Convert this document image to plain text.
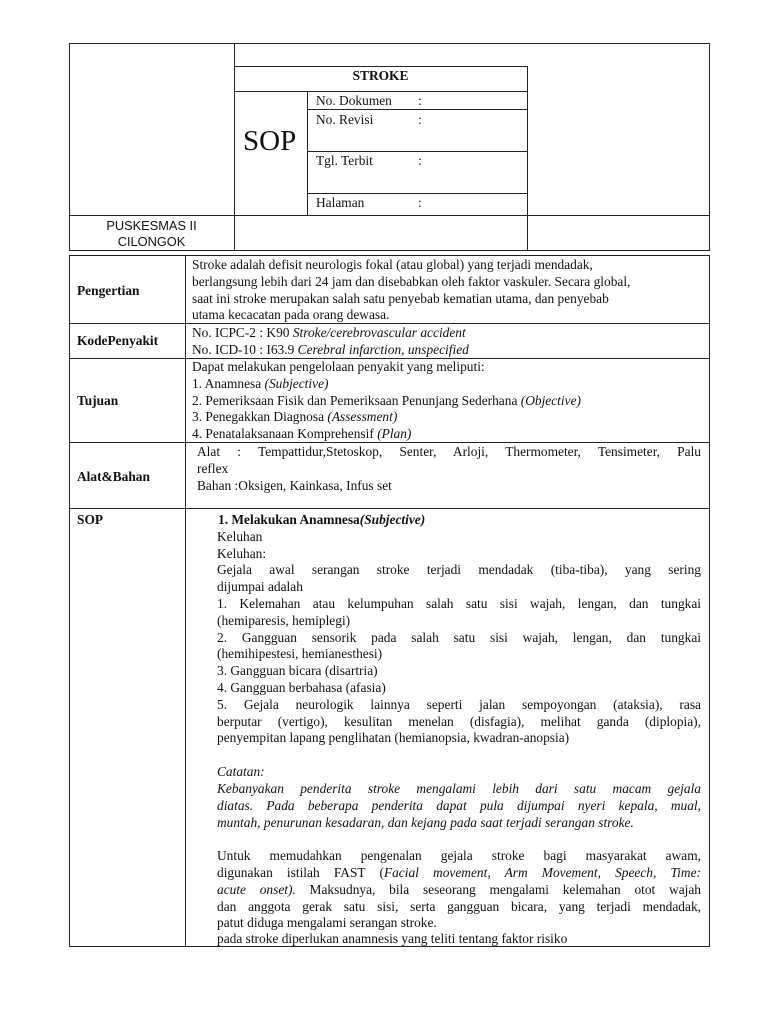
STROKE
SOP
No. Dokumen :
No. Revisi	:
Tgl. Terbit	:
Halaman	:
PUSKESMAS II
CILONGOK
Pengertian
Stroke adalah defisit neurologis fokal (atau global) yang terjadi mendadak,
berlangsung lebih dari 24 jam dan disebabkan oleh faktor vaskuler. Secara global,
saat ini stroke merupakan salah satu penyebab kematian utama, dan penyebab
utama kecacatan pada orang dewasa.
KodePenyakit
No. ICPC-2 : K90 Stroke/cerebrovascular accident
No. ICD-10 : I63.9 Cerebral infarction, unspecified
Tujuan
Dapat melakukan pengelolaan penyakit yang meliputi:
1. Anamnesa (Subjective)
2. Pemeriksaan Fisik dan Pemeriksaan Penunjang Sederhana (Objective)
3. Penegakkan Diagnosa (Assessment)
4. Penatalaksanaan Komprehensif (Plan)
Alat&Bahan
Alat : Tempattidur,Stetoskop, Senter, Arloji, Thermometer, Tensimeter, Palu
reflex
Bahan :Oksigen, Kainkasa, Infus set
SOP	1. Melakukan Anamnesa(Subjective)
Keluhan
Keluhan:
Gejala awal serangan stroke terjadi mendadak (tiba-tiba), yang sering
dijumpai adalah
1. Kelemahan atau kelumpuhan salah satu sisi wajah, lengan, dan tungkai
(hemiparesis, hemiplegi)
2. Gangguan sensorik pada salah satu sisi wajah, lengan, dan tungkai
(hemihipestesi, hemianesthesi)
3. Gangguan bicara (disartria)
4. Gangguan berbahasa (afasia)
5. Gejala neurologik lainnya seperti jalan sempoyongan (ataksia), rasa
berputar (vertigo), kesulitan menelan (disfagia), melihat ganda (diplopia),
penyempitan lapang penglihatan (hemianopsia, kwadran-anopsia)
Catatan:
Kebanyakan penderita stroke mengalami lebih dari satu macam gejala
diatas. Pada beberapa penderita dapat pula dijumpai nyeri kepala, mual,
muntah, penurunan kesadaran, dan kejang pada saat terjadi serangan stroke.
Untuk memudahkan pengenalan gejala stroke bagi masyarakat awam,
digunakan istilah FAST (Facial movement, Arm Movement, Speech, Time:
acute onset). Maksudnya, bila seseorang mengalami kelemahan otot wajah
dan anggota gerak satu sisi, serta gangguan bicara, yang terjadi mendadak,
patut diduga mengalami serangan stroke.
pada stroke diperlukan anamnesis yang teliti tentang faktor risiko
